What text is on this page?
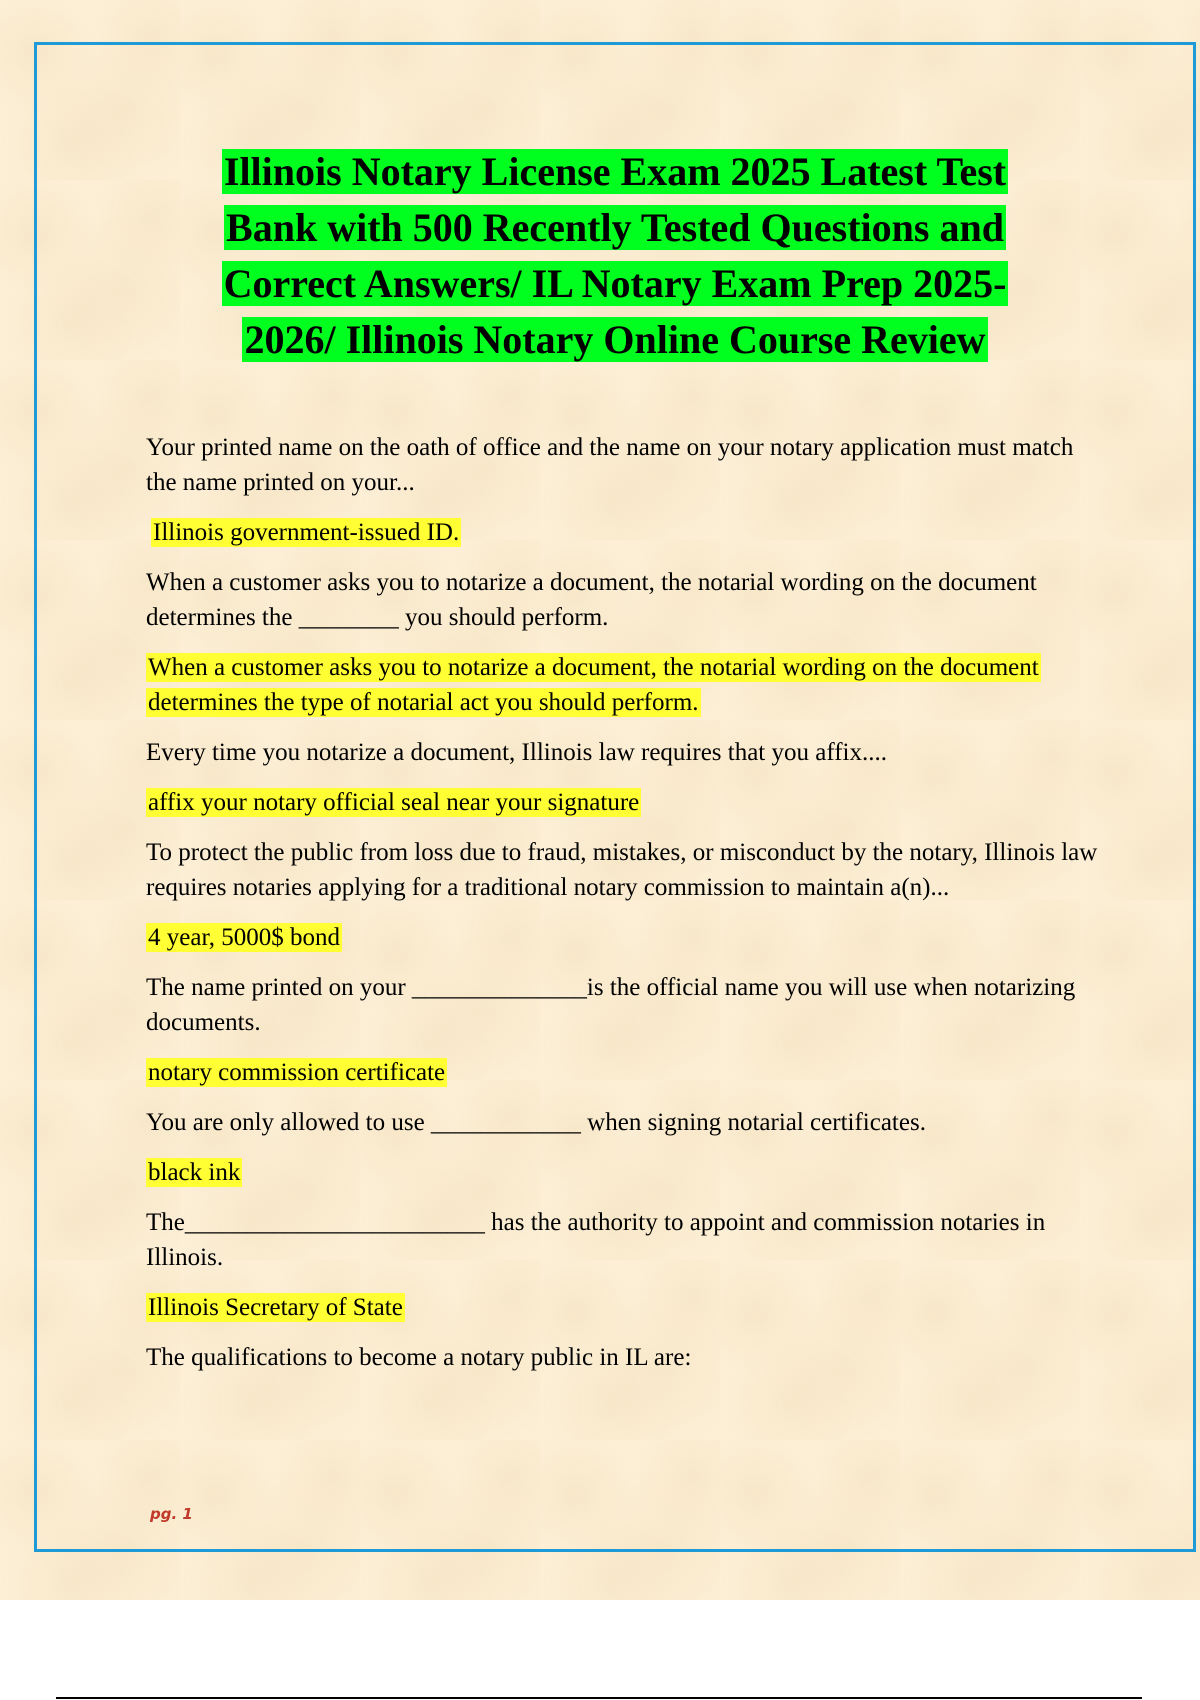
Illinois Notary License Exam 2025 Latest Test
Bank with 500 Recently Tested Questions and
Correct Answers/ IL Notary Exam Prep 2025-
2026/ Illinois Notary Online Course Review

Your printed name on the oath of office and the name on your notary application must match the name printed on your...

Illinois government-issued ID.

When a customer asks you to notarize a document, the notarial wording on the document determines the ________ you should perform.

When a customer asks you to notarize a document, the notarial wording on the document determines the type of notarial act you should perform.

Every time you notarize a document, Illinois law requires that you affix....

affix your notary official seal near your signature

To protect the public from loss due to fraud, mistakes, or misconduct by the notary, Illinois law requires notaries applying for a traditional notary commission to maintain a(n)...

4 year, 5000$ bond

The name printed on your ______________is the official name you will use when notarizing documents.

notary commission certificate

You are only allowed to use ____________ when signing notarial certificates.

black ink

The________________________ has the authority to appoint and commission notaries in Illinois.

Illinois Secretary of State

The qualifications to become a notary public in IL are:

pg. 1
